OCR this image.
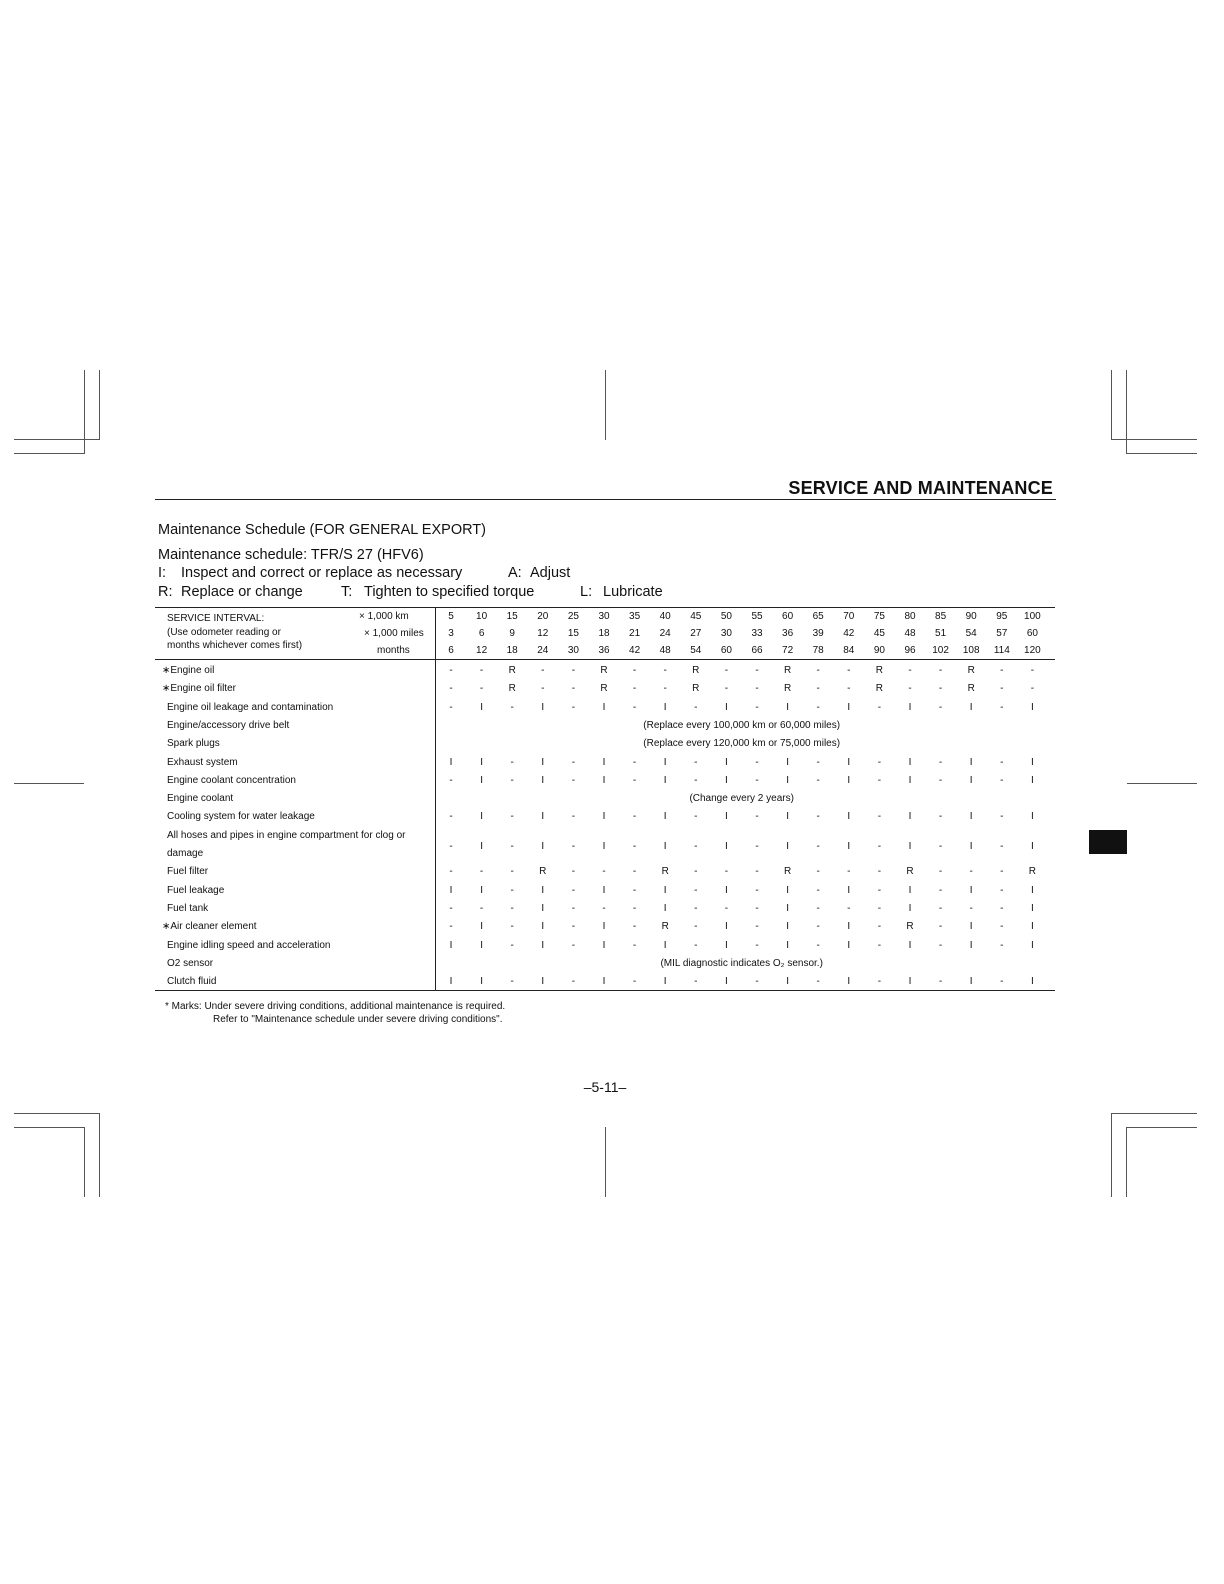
SERVICE AND MAINTENANCE
Maintenance Schedule (FOR GENERAL EXPORT)
Maintenance schedule: TFR/S 27 (HFV6)
I: Inspect and correct or replace as necessary	A: Adjust
R: Replace or change	T: Tighten to specified torque	L: Lubricate
SERVICE INTERVAL:
(Use odometer reading or
months whichever comes first)
× 1,000 km
× 1,000 miles
months
5	10	15	20	25	30	35	40	45	50	55	60	65	70	75	80	85	90	95	100
3	6	9	12	15	18	21	24	27	30	33	36	39	42	45	48	51	54	57	60
6	12	18	24	30	36	42	48	54	60	66	72	78	84	90	96	102	108	114	120
∗Engine oil	-	-	R	-	-	R	-	-	R	-	-	R	-	-	R	-	-	R	-	-
∗Engine oil filter	-	-	R	-	-	R	-	-	R	-	-	R	-	-	R	-	-	R	-	-
Engine oil leakage and contamination	-	I	-	I	-	I	-	I	-	I	-	I	-	I	-	I	-	I	-	I
Engine/accessory drive belt	(Replace every 100,000 km or 60,000 miles)
Spark plugs	(Replace every 120,000 km or 75,000 miles)
Exhaust system	I	I	-	I	-	I	-	I	-	I	-	I	-	I	-	I	-	I	-	I
Engine coolant concentration	-	I	-	I	-	I	-	I	-	I	-	I	-	I	-	I	-	I	-	I
Engine coolant	(Change every 2 years)
Cooling system for water leakage	-	I	-	I	-	I	-	I	-	I	-	I	-	I	-	I	-	I	-	I
All hoses and pipes in engine compartment for clog or
damage
-	I	-	I	-	I	-	I	-	I	-	I	-	I	-	I	-	I	-	I
Fuel filter	-	-	-	R	-	-	-	R	-	-	-	R	-	-	-	R	-	-	-	R
Fuel leakage	I	I	-	I	-	I	-	I	-	I	-	I	-	I	-	I	-	I	-	I
Fuel tank	-	-	-	I	-	-	-	I	-	-	-	I	-	-	-	I	-	-	-	I
∗Air cleaner element	-	I	-	I	-	I	-	R	-	I	-	I	-	I	-	R	-	I	-	I
Engine idling speed and acceleration	I	I	-	I	-	I	-	I	-	I	-	I	-	I	-	I	-	I	-	I
O2 sensor	(MIL diagnostic indicates O₂ sensor.)
Clutch fluid	I	I	-	I	-	I	-	I	-	I	-	I	-	I	-	I	-	I	-	I
* Marks: Under severe driving conditions, additional maintenance is required.
Refer to "Maintenance schedule under severe driving conditions".
–5-11–
